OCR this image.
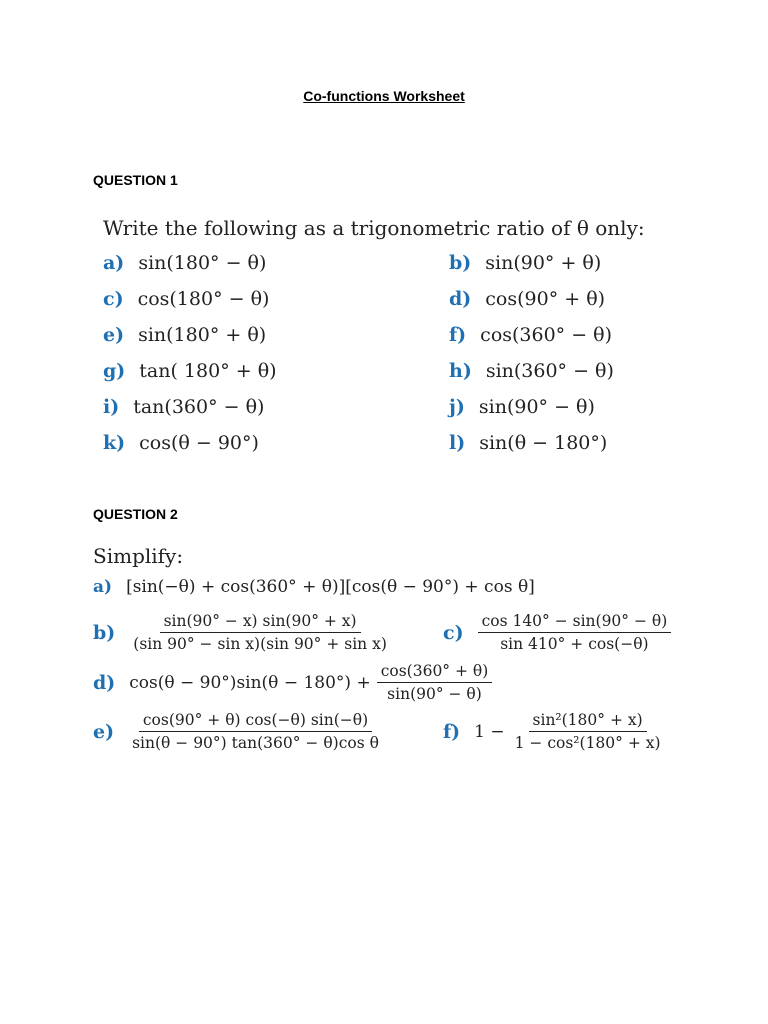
Co-functions Worksheet
QUESTION 1
Write the following as a trigonometric ratio of θ only:
a) sin(180° − θ)	b) sin(90° + θ)
c) cos(180° − θ)	d) cos(90° + θ)
e) sin(180° + θ)	f) cos(360° − θ)
g) tan( 180° + θ)	h) sin(360° − θ)
i) tan(360° − θ)	j) sin(90° − θ)
k) cos(θ − 90°)	l) sin(θ − 180°)
QUESTION 2
Simplify:
a) [sin(−θ) + cos(360° + θ)][cos(θ − 90°) + cos θ]
$b) \frac{\sin(90^\circ - x) \sin(90^\circ + x)}{\text{(sin 90° − sin x)(sin 90° + sin x)}}$	$c) \frac{\cos 140^\circ - \sin(90^\circ - \theta)}{\sin 410^\circ + \cos(-\theta)}$
d) $\cos(\theta - 90^\circ)\sin(\theta - 180^\circ) + \frac{\cos(360^\circ + \theta)}{\sin(90^\circ - \theta)}$
$e) \frac{\cos(90^\circ + \theta) \cos(-\theta) \sin(-\theta)}{\text{sin(θ − 90°) tan(360° − θ)cos θ}}$	f) $1 - \frac{\text{sin²(180° + x)}}{\text{1 − cos²(180° + x)}}$
